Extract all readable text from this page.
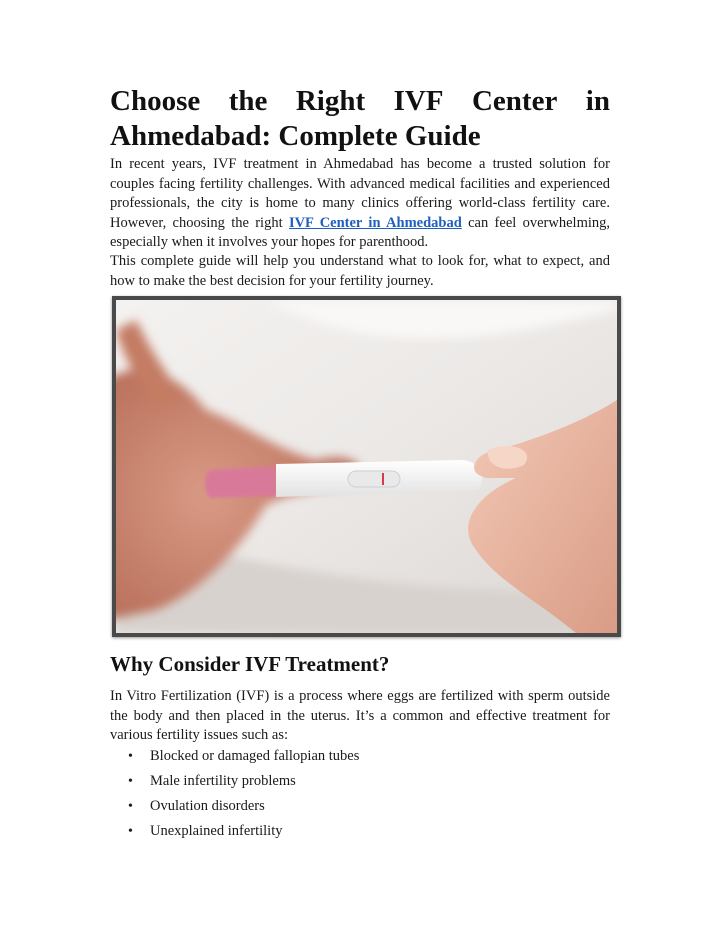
Choose the Right IVF Center in
Ahmedabad: Complete Guide

In recent years, IVF treatment in Ahmedabad has become a trusted solution for couples facing fertility challenges. With advanced medical facilities and experienced professionals, the city is home to many clinics offering world-class fertility care. However, choosing the right IVF Center in Ahmedabad can feel overwhelming, especially when it involves your hopes for parenthood.

This complete guide will help you understand what to look for, what to expect, and how to make the best decision for your fertility journey.

Why Consider IVF Treatment?

In Vitro Fertilization (IVF) is a process where eggs are fertilized with sperm outside the body and then placed in the uterus. It’s a common and effective treatment for various fertility issues such as:

• Blocked or damaged fallopian tubes
• Male infertility problems
• Ovulation disorders
• Unexplained infertility
